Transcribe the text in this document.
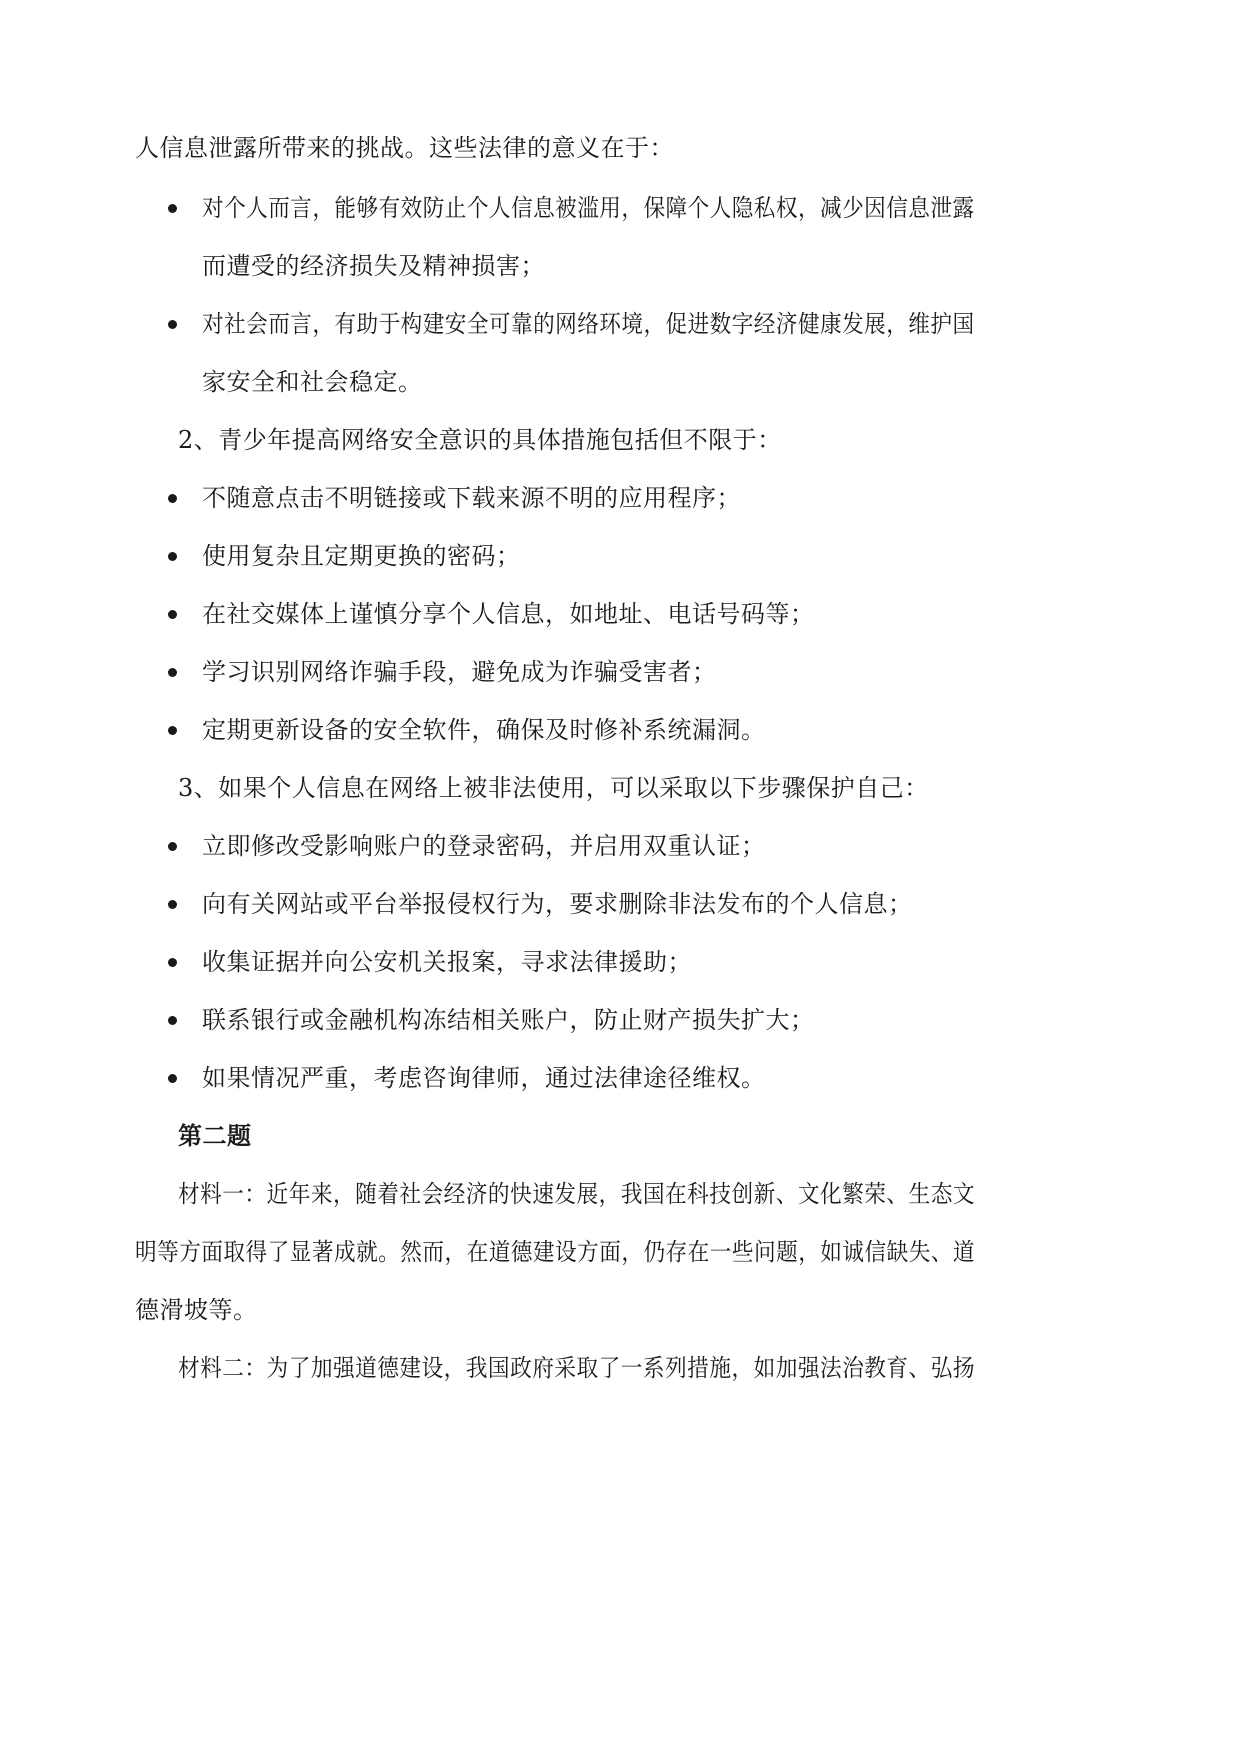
人信息泄露所带来的挑战。这些法律的意义在于：
对个人而言，能够有效防止个人信息被滥用，保障个人隐私权，减少因信息泄露
而遭受的经济损失及精神损害；
对社会而言，有助于构建安全可靠的网络环境，促进数字经济健康发展，维护国
家安全和社会稳定。
2、青少年提高网络安全意识的具体措施包括但不限于：
不随意点击不明链接或下载来源不明的应用程序；
使用复杂且定期更换的密码；
在社交媒体上谨慎分享个人信息，如地址、电话号码等；
学习识别网络诈骗手段，避免成为诈骗受害者；
定期更新设备的安全软件，确保及时修补系统漏洞。
3、如果个人信息在网络上被非法使用，可以采取以下步骤保护自己：
立即修改受影响账户的登录密码，并启用双重认证；
向有关网站或平台举报侵权行为，要求删除非法发布的个人信息；
收集证据并向公安机关报案，寻求法律援助；
联系银行或金融机构冻结相关账户，防止财产损失扩大；
如果情况严重，考虑咨询律师，通过法律途径维权。
第二题
材料一：近年来，随着社会经济的快速发展，我国在科技创新、文化繁荣、生态文
明等方面取得了显著成就。然而，在道德建设方面，仍存在一些问题，如诚信缺失、道
德滑坡等。
材料二：为了加强道德建设，我国政府采取了一系列措施，如加强法治教育、弘扬
